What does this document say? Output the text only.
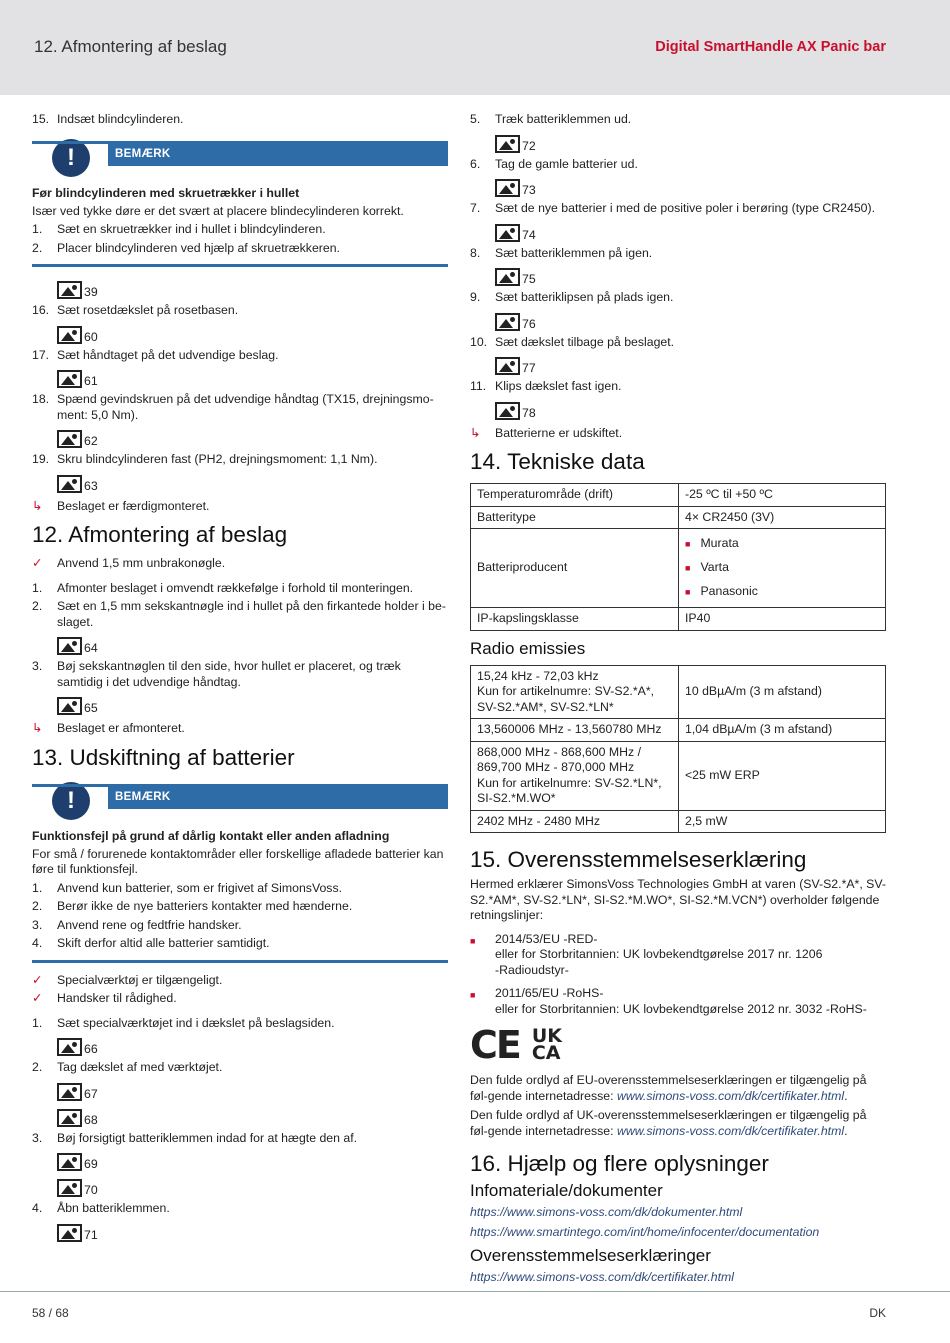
12. Afmontering af beslag	Digital SmartHandle AX Panic bar
15. Indsæt blindcylinderen.
!	BEMÆRK
Før blindcylinderen med skruetrækker i hullet
Især ved tykke døre er det svært at placere blindecylinderen korrekt.
1.	Sæt en skruetrækker ind i hullet i blindcylinderen.
2.	Placer blindcylinderen ved hjælp af skruetrækkeren.
39
16. Sæt rosetdækslet på rosetbasen.
60
17. Sæt håndtaget på det udvendige beslag.
61
18. Spænd gevindskruen på det udvendige håndtag (TX15, drejningsmo-ment: 5,0 Nm).
62
19. Skru blindcylinderen fast (PH2, drejningsmoment: 1,1 Nm).
63
↳	Beslaget er færdigmonteret.
12. Afmontering af beslag
✓	Anvend 1,5 mm unbrakonøgle.
1.	Afmonter beslaget i omvendt rækkefølge i forhold til monteringen.
2.	Sæt en 1,5 mm sekskantnøgle ind i hullet på den firkantede holder i be-slaget.
64
3.	Bøj sekskantnøglen til den side, hvor hullet er placeret, og træk samtidig i det udvendige håndtag.
65
↳	Beslaget er afmonteret.
13. Udskiftning af batterier
!	BEMÆRK
Funktionsfejl på grund af dårlig kontakt eller anden afladning
For små / forurenede kontaktområder eller forskellige afladede batterier kan føre til funktionsfejl.
1.	Anvend kun batterier, som er frigivet af SimonsVoss.
2.	Berør ikke de nye batteriers kontakter med hænderne.
3.	Anvend rene og fedtfrie handsker.
4.	Skift derfor altid alle batterier samtidigt.
✓	Specialværktøj er tilgængeligt.
✓	Handsker til rådighed.
1.	Sæt specialværktøjet ind i dækslet på beslagsiden.
66
2.	Tag dækslet af med værktøjet.
67
68
3.	Bøj forsigtigt batteriklemmen indad for at hægte den af.
69
70
4.	Åbn batteriklemmen.
71
5.	Træk batteriklemmen ud.
72
6.	Tag de gamle batterier ud.
73
7.	Sæt de nye batterier i med de positive poler i berøring (type CR2450).
74
8.	Sæt batteriklemmen på igen.
75
9.	Sæt batteriklipsen på plads igen.
76
10. Sæt dækslet tilbage på beslaget.
77
11. Klips dækslet fast igen.
78
↳	Batterierne er udskiftet.
14. Tekniske data
Temperaturområde (drift)	-25 ºC til +50 ºC
Batteritype	4× CR2450 (3V)
Batteriproducent	■ Murata
■ Varta
■ Panasonic

IP-kapslingsklasse	IP40
Radio emissies
15,24 kHz - 72,03 kHz
Kun for artikelnumre: SV-S2.*A*, SV-S2.*AM*, SV-S2.*LN*	10 dBµA/m (3 m afstand)
13,560006 MHz - 13,560780 MHz	1,04 dBµA/m (3 m afstand)

868,000 MHz - 868,600 MHz / 869,700 MHz - 870,000 MHz
Kun for artikelnumre: SV-S2.*LN*, SI-S2.*M.WO*	<25 mW ERP
2402 MHz - 2480 MHz	2,5 mW
15. Overensstemmelseserklæring
Hermed erklærer SimonsVoss Technologies GmbH at varen (SV-S2.*A*, SV-S2.*AM*, SV-S2.*LN*, SI-S2.*M.WO*, SI-S2.*M.VCN*) overholder følgende retningslinjer:
■	2014/53/EU -RED-
eller for Storbritannien: UK lovbekendtgørelse 2017 nr. 1206
-Radioudstyr-
■	2011/65/EU -RoHS-
eller for Storbritannien: UK lovbekendtgørelse 2012 nr. 3032 -RoHS-
CE UK
CA
Den fulde ordlyd af EU-overensstemmelseserklæringen er tilgængelig på føl-gende internetadresse: www.simons-voss.com/dk/certifikater.html.
Den fulde ordlyd af UK-overensstemmelseserklæringen er tilgængelig på føl-gende internetadresse: www.simons-voss.com/dk/certifikater.html.
16. Hjælp og flere oplysninger
Infomateriale/dokumenter
https://www.simons-voss.com/dk/dokumenter.html
https://www.smartintego.com/int/home/infocenter/documentation
Overensstemmelseserklæringer
https://www.simons-voss.com/dk/certifikater.html
58 / 68	DK
